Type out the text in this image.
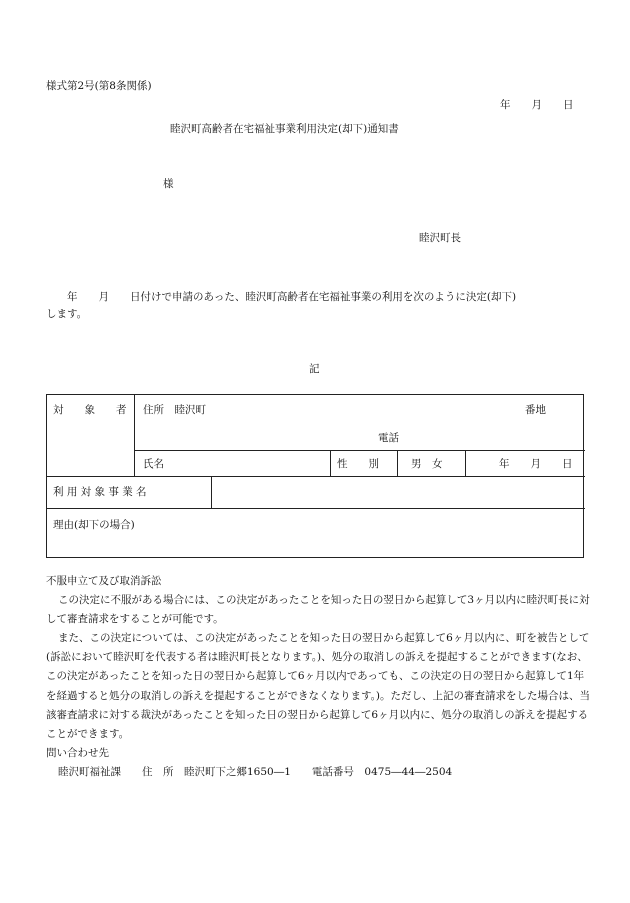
様式第2号(第8条関係)
年　　月　　日
睦沢町高齢者在宅福祉事業利用決定(却下)通知書
様
睦沢町長
　　年　　月　　日付けで申請のあった、睦沢町高齢者在宅福祉事業の利用を次のように決定(却下)
します。
記
対　　象　　者 住所　睦沢町	番地
電話
氏名	性　　別	男　女	年　　月　　日
利 用 対 象 事 業 名
理由(却下の場合)

不服申立て及び取消訴訟

この決定に不服がある場合には、この決定があったことを知った日の翌日から起算して3ヶ月以内に睦沢町長に対して審査請求をすることが可能です。

また、この決定については、この決定があったことを知った日の翌日から起算して6ヶ月以内に、町を被告として(訴訟において睦沢町を代表する者は睦沢町長となります。)、処分の取消しの訴えを提起することができます(なお、この決定があったことを知った日の翌日から起算して6ヶ月以内であっても、この決定の日の翌日から起算して1年を経過すると処分の取消しの訴えを提起することができなくなります。)。ただし、上記の審査請求をした場合は、当該審査請求に対する裁決があったことを知った日の翌日から起算して6ヶ月以内に、処分の取消しの訴えを提起することができます。

問い合わせ先

睦沢町福祉課　　住　所　睦沢町下之郷1650―1　　電話番号　0475―44―2504
